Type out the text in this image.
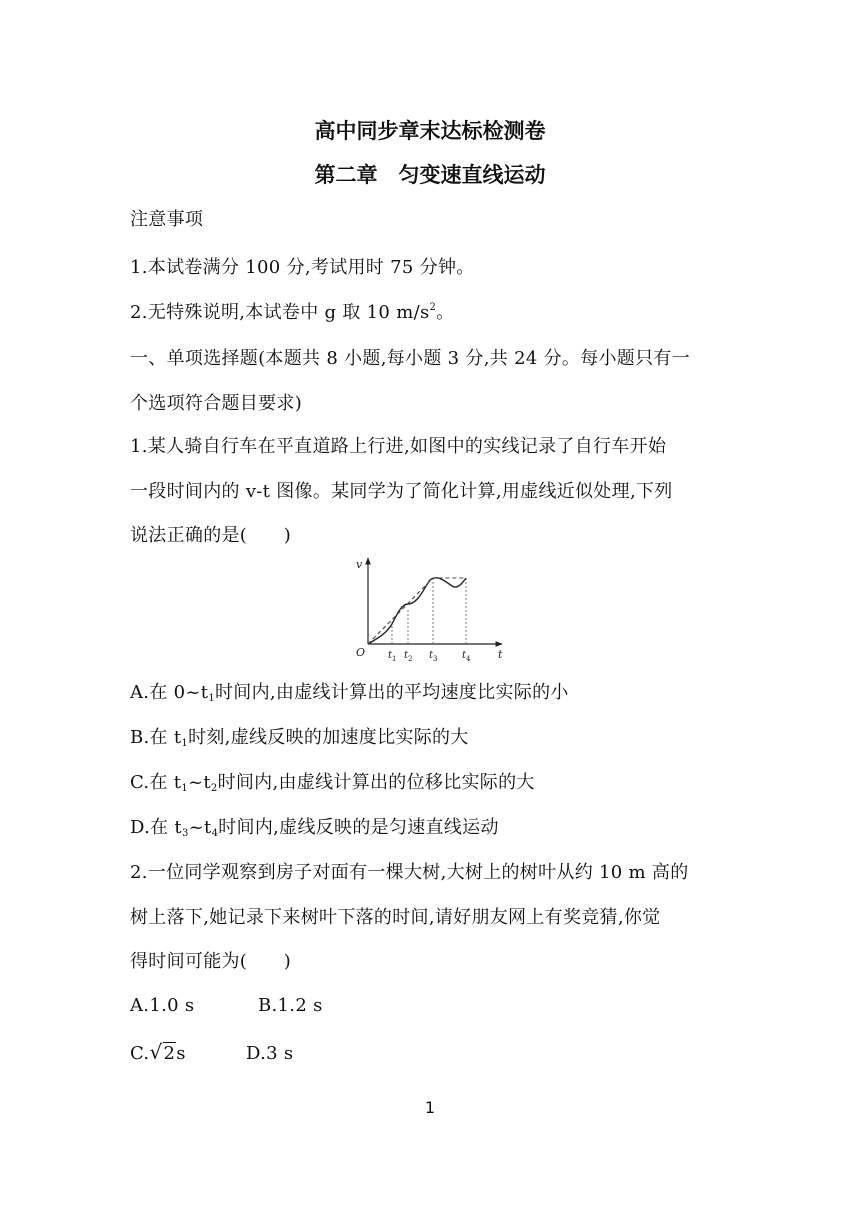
高中同步章末达标检测卷
第二章　匀变速直线运动
注意事项
1.本试卷满分 100 分,考试用时 75 分钟。
2.无特殊说明,本试卷中 g 取 10 $m/s^2$。
一、单项选择题(本题共 8 小题,每小题 3 分,共 24 分。每小题只有一
个选项符合题目要求)
1.某人骑自行车在平直道路上行进,如图中的实线记录了自行车开始
一段时间内的 v-t 图像。某同学为了简化计算,用虚线近似处理,下列
说法正确的是(　　)
v
t
O $t_1$ $t_2$ $t_3$ $t_4$
A.在 $0\sim t_1$时间内,由虚线计算出的平均速度比实际的小
B.在 $t_1$时刻,虚线反映的加速度比实际的大
C.在 $t_1\sim t_2$时间内,由虚线计算出的位移比实际的大
D.在 $t_3\sim t_4$时间内,虚线反映的是匀速直线运动
2.一位同学观察到房子对面有一棵大树,大树上的树叶从约 10 m 高的
树上落下,她记录下来树叶下落的时间,请好朋友网上有奖竞猜,你觉
得时间可能为(　　)
A.1.0 s	B.1.2 s
C.√2s	D.3 s
1
